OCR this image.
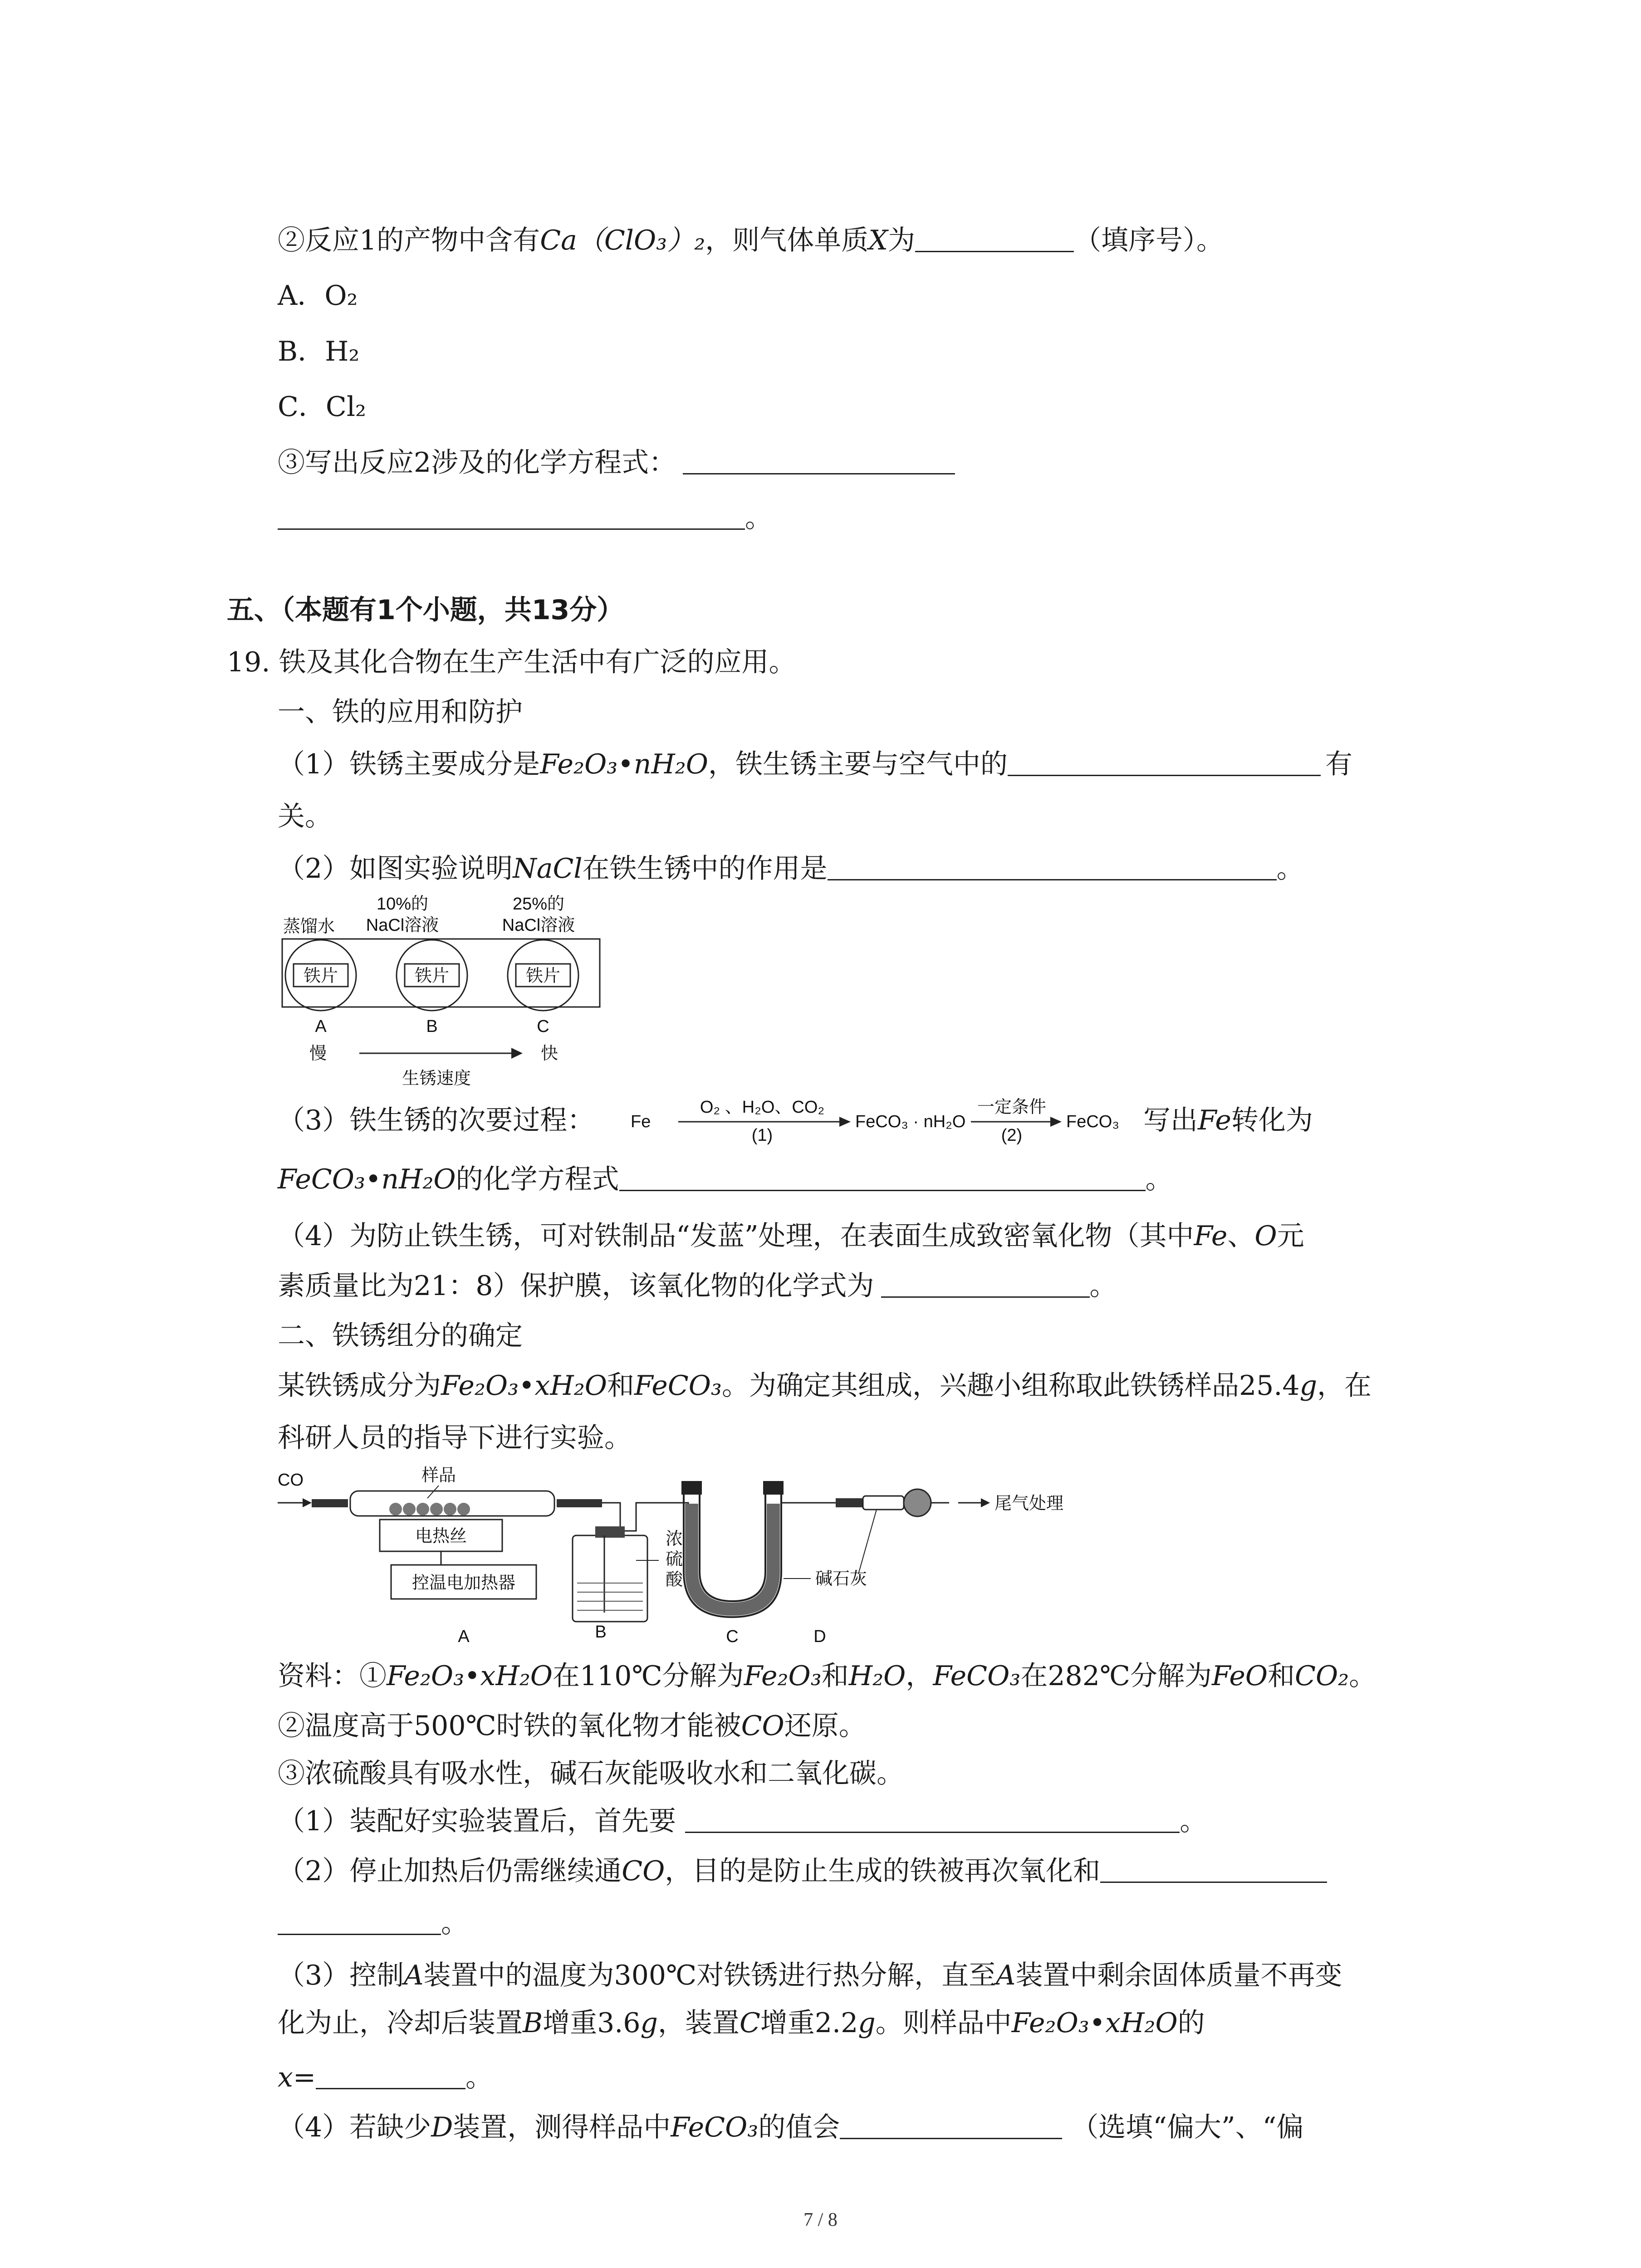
②反应1的产物中含有Ca（ClO₃）₂，则气体单质X为	（填序号）。
A．O₂
B．H₂
C．Cl₂
③写出反应2涉及的化学方程式：
。
五、（本题有1个小题，共13分）
19. 铁及其化合物在生产生活中有广泛的应用。
一、铁的应用和防护
（1）铁锈主要成分是Fe₂O₃•nH₂O，铁生锈主要与空气中的	有
关。
（2）如图实验说明NaCl在铁生锈中的作用是	。
蒸馏水
10%的
NaCl溶液
25%的
NaCl溶液
铁片	铁片	铁片
A	B	C
慢	快
生锈速度
（3）铁生锈的次要过程： Fe
O₂ 、H₂O、CO₂
(1)
FeCO₃ · nH₂O
一定条件
(2)
FeCO₃ 写出Fe转化为
FeCO₃•nH₂O的化学方程式	。
（4）为防止铁生锈，可对铁制品“发蓝”处理，在表面生成致密氧化物（其中Fe、O元
素质量比为21：8）保护膜，该氧化物的化学式为	。
二、铁锈组分的确定
某铁锈成分为Fe₂O₃•xH₂O和FeCO₃。为确定其组成，兴趣小组称取此铁锈样品25.4g，在
科研人员的指导下进行实验。
CO	样品
电热丝
控温电加热器
浓
硫
酸
尾气处理
碱石灰
A	B	C	D
资料：①Fe₂O₃•xH₂O在110℃分解为Fe₂O₃和H₂O，FeCO₃在282℃分解为FeO和CO₂。
②温度高于500℃时铁的氧化物才能被CO还原。
③浓硫酸具有吸水性，碱石灰能吸收水和二氧化碳。
（1）装配好实验装置后，首先要	。
（2）停止加热后仍需继续通CO，目的是防止生成的铁被再次氧化和
。
（3）控制A装置中的温度为300℃对铁锈进行热分解，直至A装置中剩余固体质量不再变
化为止，冷却后装置B增重3.6g，装置C增重2.2g。则样品中Fe₂O₃•xH₂O的
x=	。
（4）若缺少D装置，测得样品中FeCO₃的值会	（选填“偏大”、“偏
7 / 8
